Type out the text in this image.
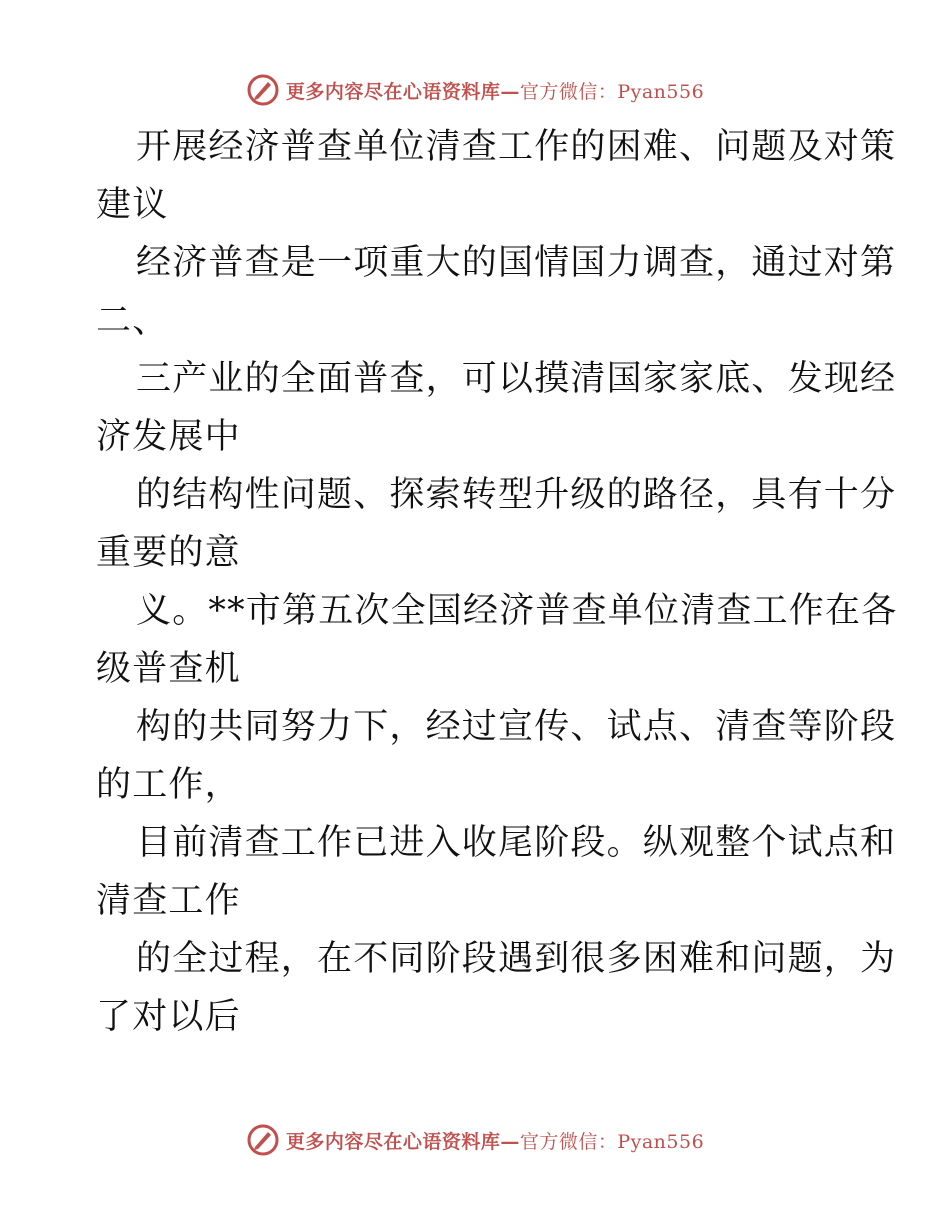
更多内容尽在心语资料库—官方微信：Pyan556

开展经济普查单位清查工作的困难、问题及对策
建议

经济普查是一项重大的国情国力调查，通过对第
二、

三产业的全面普查，可以摸清国家家底、发现经
济发展中

的结构性问题、探索转型升级的路径，具有十分
重要的意

义。**市第五次全国经济普查单位清查工作在各
级普查机

构的共同努力下，经过宣传、试点、清查等阶段
的工作，

目前清查工作已进入收尾阶段。纵观整个试点和
清查工作

的全过程，在不同阶段遇到很多困难和问题，为
了对以后

更多内容尽在心语资料库—官方微信：Pyan556
